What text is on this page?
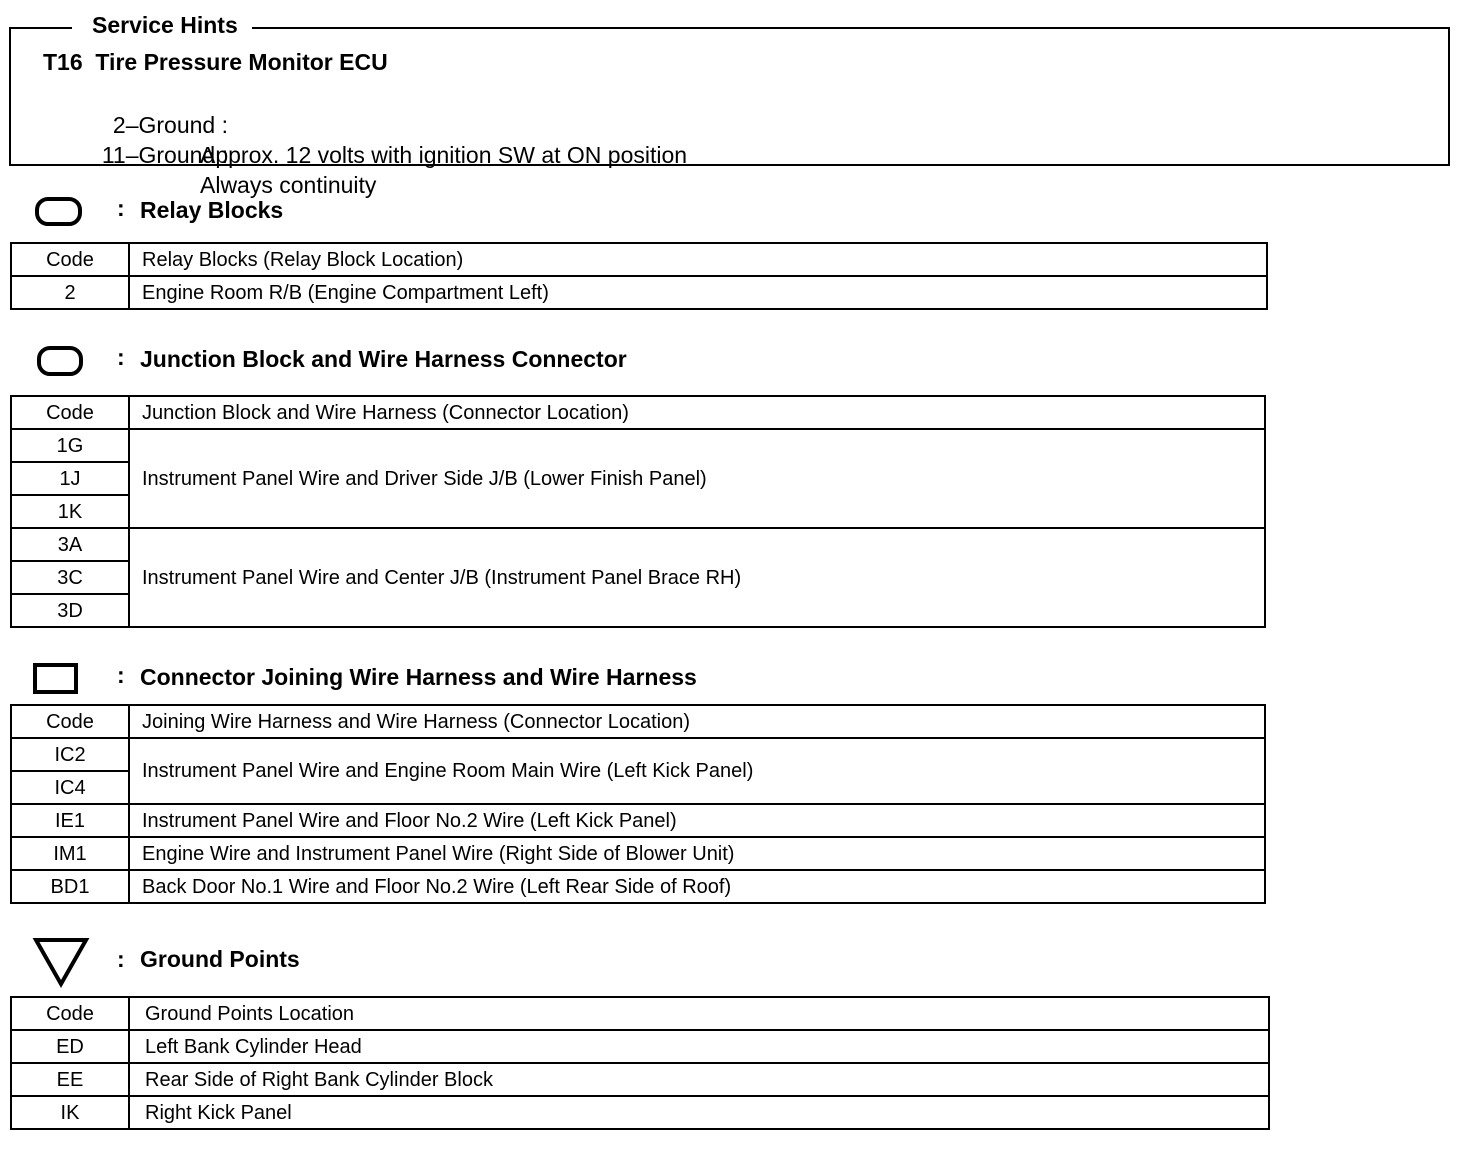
Service Hints
T16 Tire Pressure Monitor ECU

2–Ground :

Approx. 12 volts with ignition SW at ON position

11–Ground :

Always continuity

: Relay Blocks
Code	Relay Blocks (Relay Block Location)
2	Engine Room R/B (Engine Compartment Left)
: Junction Block and Wire Harness Connector
Code	Junction Block and Wire Harness (Connector Location)
1G	Instrument Panel Wire and Driver Side J/B (Lower Finish Panel)
1J	
1K	
3A	Instrument Panel Wire and Center J/B (Instrument Panel Brace RH)
3C	
3D	
: Connector Joining Wire Harness and Wire Harness
Code	Joining Wire Harness and Wire Harness (Connector Location)
IC2	Instrument Panel Wire and Engine Room Main Wire (Left Kick Panel)
IC4	
IE1	Instrument Panel Wire and Floor No.2 Wire (Left Kick Panel)
IM1	Engine Wire and Instrument Panel Wire (Right Side of Blower Unit)
BD1	Back Door No.1 Wire and Floor No.2 Wire (Left Rear Side of Roof)
: Ground Points
Code	Ground Points Location
ED	Left Bank Cylinder Head
EE	Rear Side of Right Bank Cylinder Block
IK	Right Kick Panel
